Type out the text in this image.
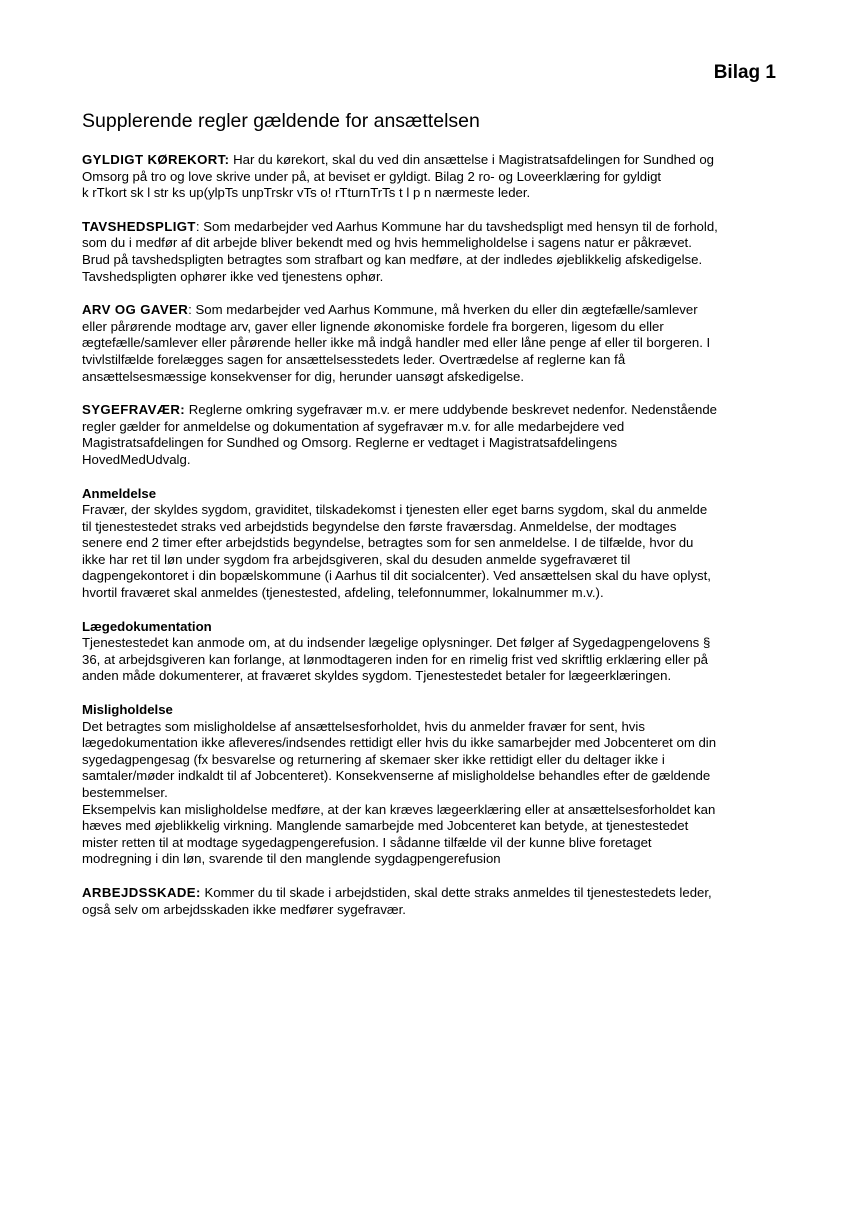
Bilag 1
Supplerende regler gældende for ansættelsen
GYLDIGT KØREKORT: Har du kørekort, skal du ved din ansættelse i Magistratsafdelingen for Sundhed og
Omsorg på tro og love skrive under på, at beviset er gyldigt. Bilag 2 ro- og Loveerklæring for gyldigt
k rTkort sk l str ks up(ylpTs unpTrskr vTs o! rTturnTrTs t l p n nærmeste leder.
TAVSHEDSPLIGT: Som medarbejder ved Aarhus Kommune har du tavshedspligt med hensyn til de forhold,
som du i medfør af dit arbejde bliver bekendt med og hvis hemmeligholdelse i sagens natur er påkrævet.
Brud på tavshedspligten betragtes som strafbart og kan medføre, at der indledes øjeblikkelig afskedigelse.
Tavshedspligten ophører ikke ved tjenestens ophør.
ARV OG GAVER: Som medarbejder ved Aarhus Kommune, må hverken du eller din ægtefælle/samlever
eller pårørende modtage arv, gaver eller lignende økonomiske fordele fra borgeren, ligesom du eller
ægtefælle/samlever eller pårørende heller ikke må indgå handler med eller låne penge af eller til borgeren. I
tvivlstilfælde forelægges sagen for ansættelsesstedets leder. Overtrædelse af reglerne kan få
ansættelsesmæssige konsekvenser for dig, herunder uansøgt afskedigelse.
SYGEFRAVÆR: Reglerne omkring sygefravær m.v. er mere uddybende beskrevet nedenfor. Nedenstående
regler gælder for anmeldelse og dokumentation af sygefravær m.v. for alle medarbejdere ved
Magistratsafdelingen for Sundhed og Omsorg. Reglerne er vedtaget i Magistratsafdelingens
HovedMedUdvalg.
Anmeldelse
Fravær, der skyldes sygdom, graviditet, tilskadekomst i tjenesten eller eget barns sygdom, skal du anmelde
til tjenestestedet straks ved arbejdstids begyndelse den første fraværsdag. Anmeldelse, der modtages
senere end 2 timer efter arbejdstids begyndelse, betragtes som for sen anmeldelse. I de tilfælde, hvor du
ikke har ret til løn under sygdom fra arbejdsgiveren, skal du desuden anmelde sygefraværet til
dagpengekontoret i din bopælskommune (i Aarhus til dit socialcenter). Ved ansættelsen skal du have oplyst,
hvortil fraværet skal anmeldes (tjenestested, afdeling, telefonnummer, lokalnummer m.v.).
Lægedokumentation
Tjenestestedet kan anmode om, at du indsender lægelige oplysninger. Det følger af Sygedagpengelovens §
36, at arbejdsgiveren kan forlange, at lønmodtageren inden for en rimelig frist ved skriftlig erklæring eller på
anden måde dokumenterer, at fraværet skyldes sygdom. Tjenestestedet betaler for lægeerklæringen.
Misligholdelse
Det betragtes som misligholdelse af ansættelsesforholdet, hvis du anmelder fravær for sent, hvis
lægedokumentation ikke afleveres/indsendes rettidigt eller hvis du ikke samarbejder med Jobcenteret om din
sygedagpengesag (fx besvarelse og returnering af skemaer sker ikke rettidigt eller du deltager ikke i
samtaler/møder indkaldt til af Jobcenteret). Konsekvenserne af misligholdelse behandles efter de gældende
bestemmelser.
Eksempelvis kan misligholdelse medføre, at der kan kræves lægeerklæring eller at ansættelsesforholdet kan
hæves med øjeblikkelig virkning. Manglende samarbejde med Jobcenteret kan betyde, at tjenestestedet
mister retten til at modtage sygedagpengerefusion. I sådanne tilfælde vil der kunne blive foretaget
modregning i din løn, svarende til den manglende sygdagpengerefusion
ARBEJDSSKADE: Kommer du til skade i arbejdstiden, skal dette straks anmeldes til tjenestestedets leder,
også selv om arbejdsskaden ikke medfører sygefravær.
